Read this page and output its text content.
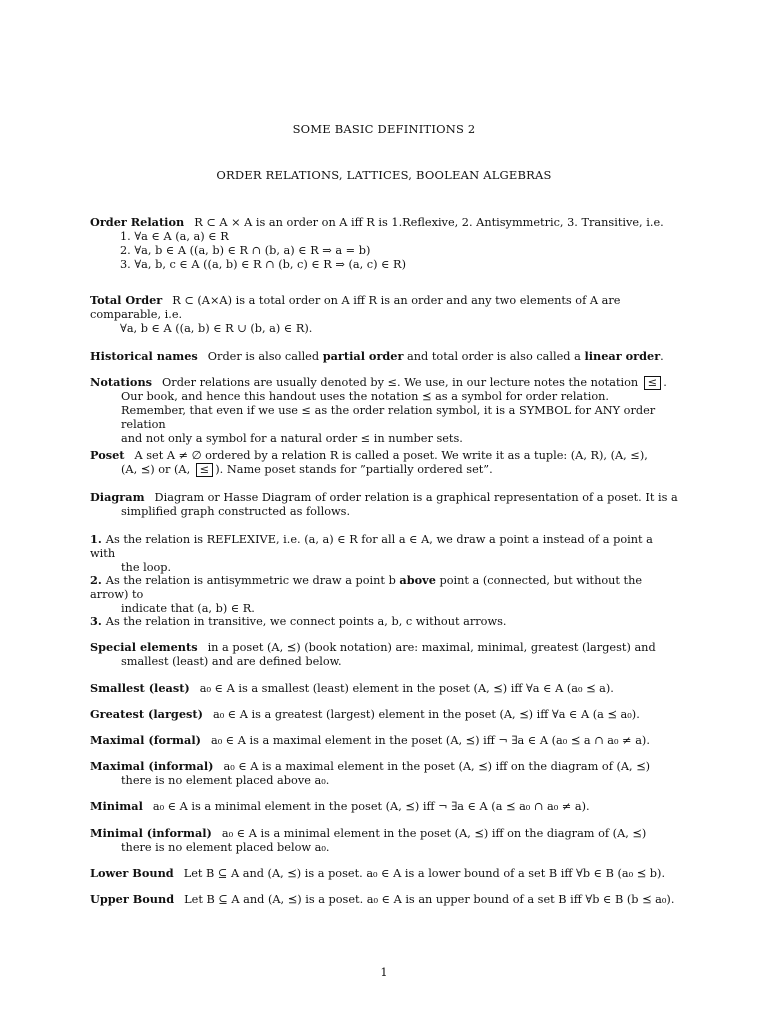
SOME BASIC DEFINITIONS 2
ORDER RELATIONS, LATTICES, BOOLEAN ALGEBRAS
Order Relation R ⊂ A × A is an order on A iff R is 1.Reflexive, 2. Antisymmetric, 3. Transitive, i.e.
1. ∀a ∈ A (a, a) ∈ R
2. ∀a, b ∈ A ((a, b) ∈ R ∩ (b, a) ∈ R ⇒ a = b)
3. ∀a, b, c ∈ A ((a, b) ∈ R ∩ (b, c) ∈ R ⇒ (a, c) ∈ R)
Total Order R ⊂ (A×A) is a total order on A iff R is an order and any two elements of A are comparable, i.e.
∀a, b ∈ A ((a, b) ∈ R ∪ (b, a) ∈ R).
Historical names Order is also called partial order and total order is also called a linear order.
Notations Order relations are usually denoted by ≤. We use, in our lecture notes the notation ≤ .
Our book, and hence this handout uses the notation ⪯ as a symbol for order relation.
Remember, that even if we use ≤ as the order relation symbol, it is a SYMBOL for ANY order relation
and not only a symbol for a natural order ≤ in number sets.
Poset A set A ≠ ∅ ordered by a relation R is called a poset. We write it as a tuple: (A, R), (A, ≤),
(A, ⪯) or (A, ≤ ). Name poset stands for ”partially ordered set”.
Diagram Diagram or Hasse Diagram of order relation is a graphical representation of a poset. It is a
simplified graph constructed as follows.
1. As the relation is REFLEXIVE, i.e. (a, a) ∈ R for all a ∈ A, we draw a point a instead of a point a with
the loop.
2. As the relation is antisymmetric we draw a point b above point a (connected, but without the arrow) to
indicate that (a, b) ∈ R.
3. As the relation in transitive, we connect points a, b, c without arrows.
Special elements in a poset (A, ⪯) (book notation) are: maximal, minimal, greatest (largest) and
smallest (least) and are defined below.
Smallest (least) a₀ ∈ A is a smallest (least) element in the poset (A, ⪯) iff ∀a ∈ A (a₀ ⪯ a).
Greatest (largest) a₀ ∈ A is a greatest (largest) element in the poset (A, ⪯) iff ∀a ∈ A (a ⪯ a₀).
Maximal (formal) a₀ ∈ A is a maximal element in the poset (A, ⪯) iff ¬ ∃a ∈ A (a₀ ⪯ a ∩ a₀ ≠ a).
Maximal (informal) a₀ ∈ A is a maximal element in the poset (A, ⪯) iff on the diagram of (A, ⪯)
there is no element placed above a₀.
Minimal a₀ ∈ A is a minimal element in the poset (A, ⪯) iff ¬ ∃a ∈ A (a ⪯ a₀ ∩ a₀ ≠ a).
Minimal (informal) a₀ ∈ A is a minimal element in the poset (A, ⪯) iff on the diagram of (A, ⪯)
there is no element placed below a₀.
Lower Bound Let B ⊆ A and (A, ⪯) is a poset. a₀ ∈ A is a lower bound of a set B iff ∀b ∈ B (a₀ ⪯ b).
Upper Bound Let B ⊆ A and (A, ⪯) is a poset. a₀ ∈ A is an upper bound of a set B iff ∀b ∈ B (b ⪯ a₀).
1
